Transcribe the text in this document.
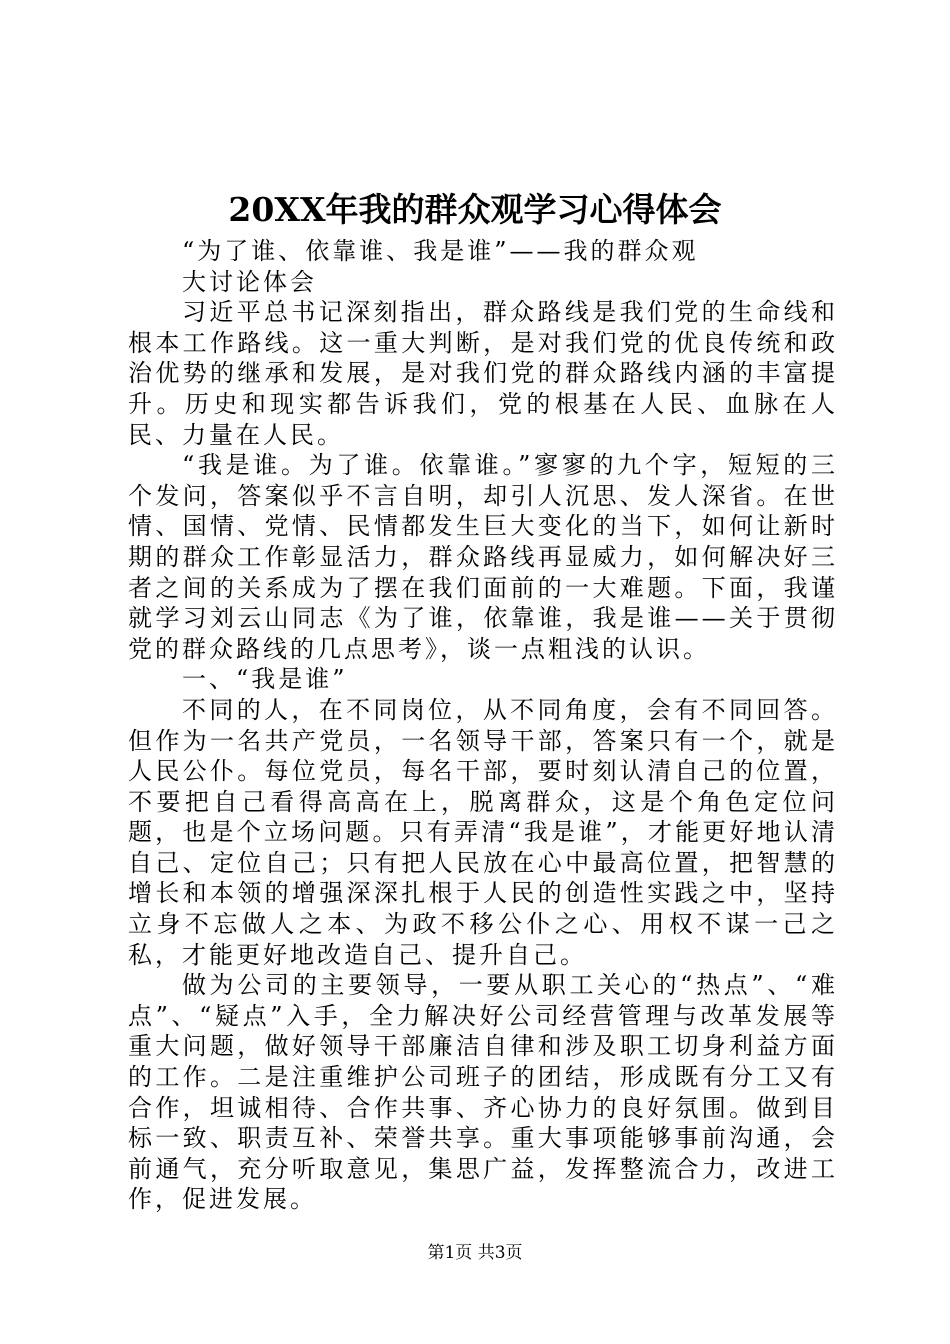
20XX年我的群众观学习心得体会

“为了谁、依靠谁、我是谁”——我的群众观

大讨论体会

习近平总书记深刻指出，群众路线是我们党的生命线和根本工作路线。这一重大判断，是对我们党的优良传统和政治优势的继承和发展，是对我们党的群众路线内涵的丰富提升。历史和现实都告诉我们，党的根基在人民、血脉在人民、力量在人民。

“我是谁。为了谁。依靠谁。”寥寥的九个字，短短的三个发问，答案似乎不言自明，却引人沉思、发人深省。在世情、国情、党情、民情都发生巨大变化的当下，如何让新时期的群众工作彰显活力，群众路线再显威力，如何解决好三者之间的关系成为了摆在我们面前的一大难题。下面，我谨就学习刘云山同志《为了谁，依靠谁，我是谁——关于贯彻党的群众路线的几点思考》，谈一点粗浅的认识。

一、“我是谁”

不同的人，在不同岗位，从不同角度，会有不同回答。但作为一名共产党员，一名领导干部，答案只有一个，就是人民公仆。每位党员，每名干部，要时刻认清自己的位置，不要把自己看得高高在上，脱离群众，这是个角色定位问题，也是个立场问题。只有弄清“我是谁”，才能更好地认清自己、定位自己；只有把人民放在心中最高位置，把智慧的增长和本领的增强深深扎根于人民的创造性实践之中，坚持立身不忘做人之本、为政不移公仆之心、用权不谋一己之私，才能更好地改造自己、提升自己。

做为公司的主要领导，一要从职工关心的“热点”、“难点”、“疑点”入手，全力解决好公司经营管理与改革发展等重大问题，做好领导干部廉洁自律和涉及职工切身利益方面的工作。二是注重维护公司班子的团结，形成既有分工又有合作，坦诚相待、合作共事、齐心协力的良好氛围。做到目标一致、职责互补、荣誉共享。重大事项能够事前沟通，会前通气，充分听取意见，集思广益，发挥整流合力，改进工作，促进发展。

第1页 共3页
